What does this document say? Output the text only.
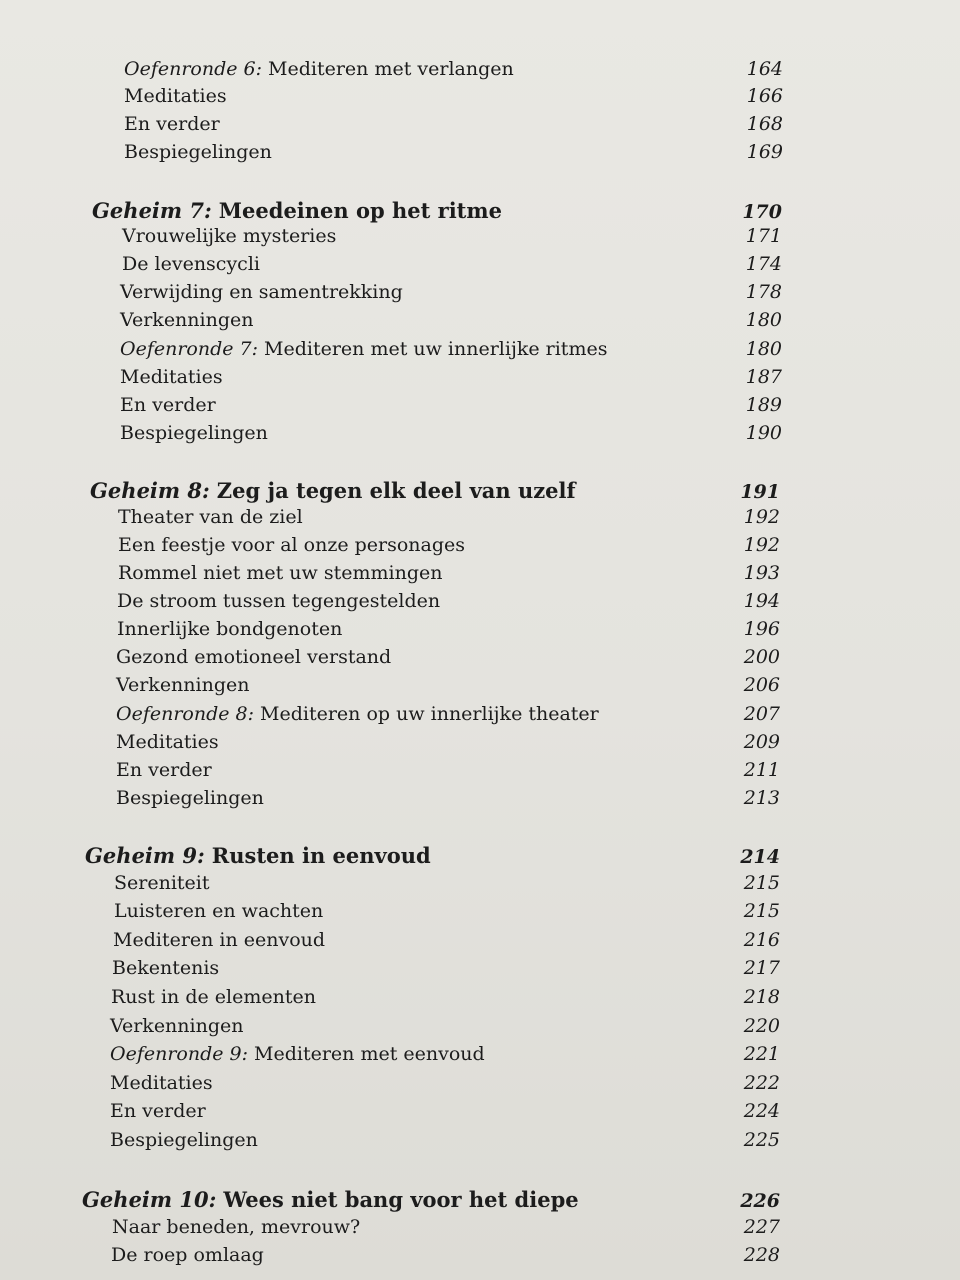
Oefenronde 6: Mediteren met verlangen	164
Meditaties	166
En verder	168
Bespiegelingen	169
Geheim 7: Meedeinen op het ritme	170
Vrouwelijke mysteries	171
De levenscycli	174
Verwijding en samentrekking	178
Verkenningen	180
Oefenronde 7: Mediteren met uw innerlijke ritmes	180
Meditaties	187
En verder	189
Bespiegelingen	190
Geheim 8: Zeg ja tegen elk deel van uzelf	191
Theater van de ziel	192
Een feestje voor al onze personages	192
Rommel niet met uw stemmingen	193
De stroom tussen tegengestelden	194
Innerlijke bondgenoten	196
Gezond emotioneel verstand	200
Verkenningen	206
Oefenronde 8: Mediteren op uw innerlijke theater	207
Meditaties	209
En verder	211
Bespiegelingen	213
Geheim 9: Rusten in eenvoud	214
Sereniteit	215
Luisteren en wachten	215
Mediteren in eenvoud	216
Bekentenis	217
Rust in de elementen	218
Verkenningen	220
Oefenronde 9: Mediteren met eenvoud	221
Meditaties	222
En verder	224
Bespiegelingen	225
Geheim 10: Wees niet bang voor het diepe	226
Naar beneden, mevrouw?	227
De roep omlaag	228
